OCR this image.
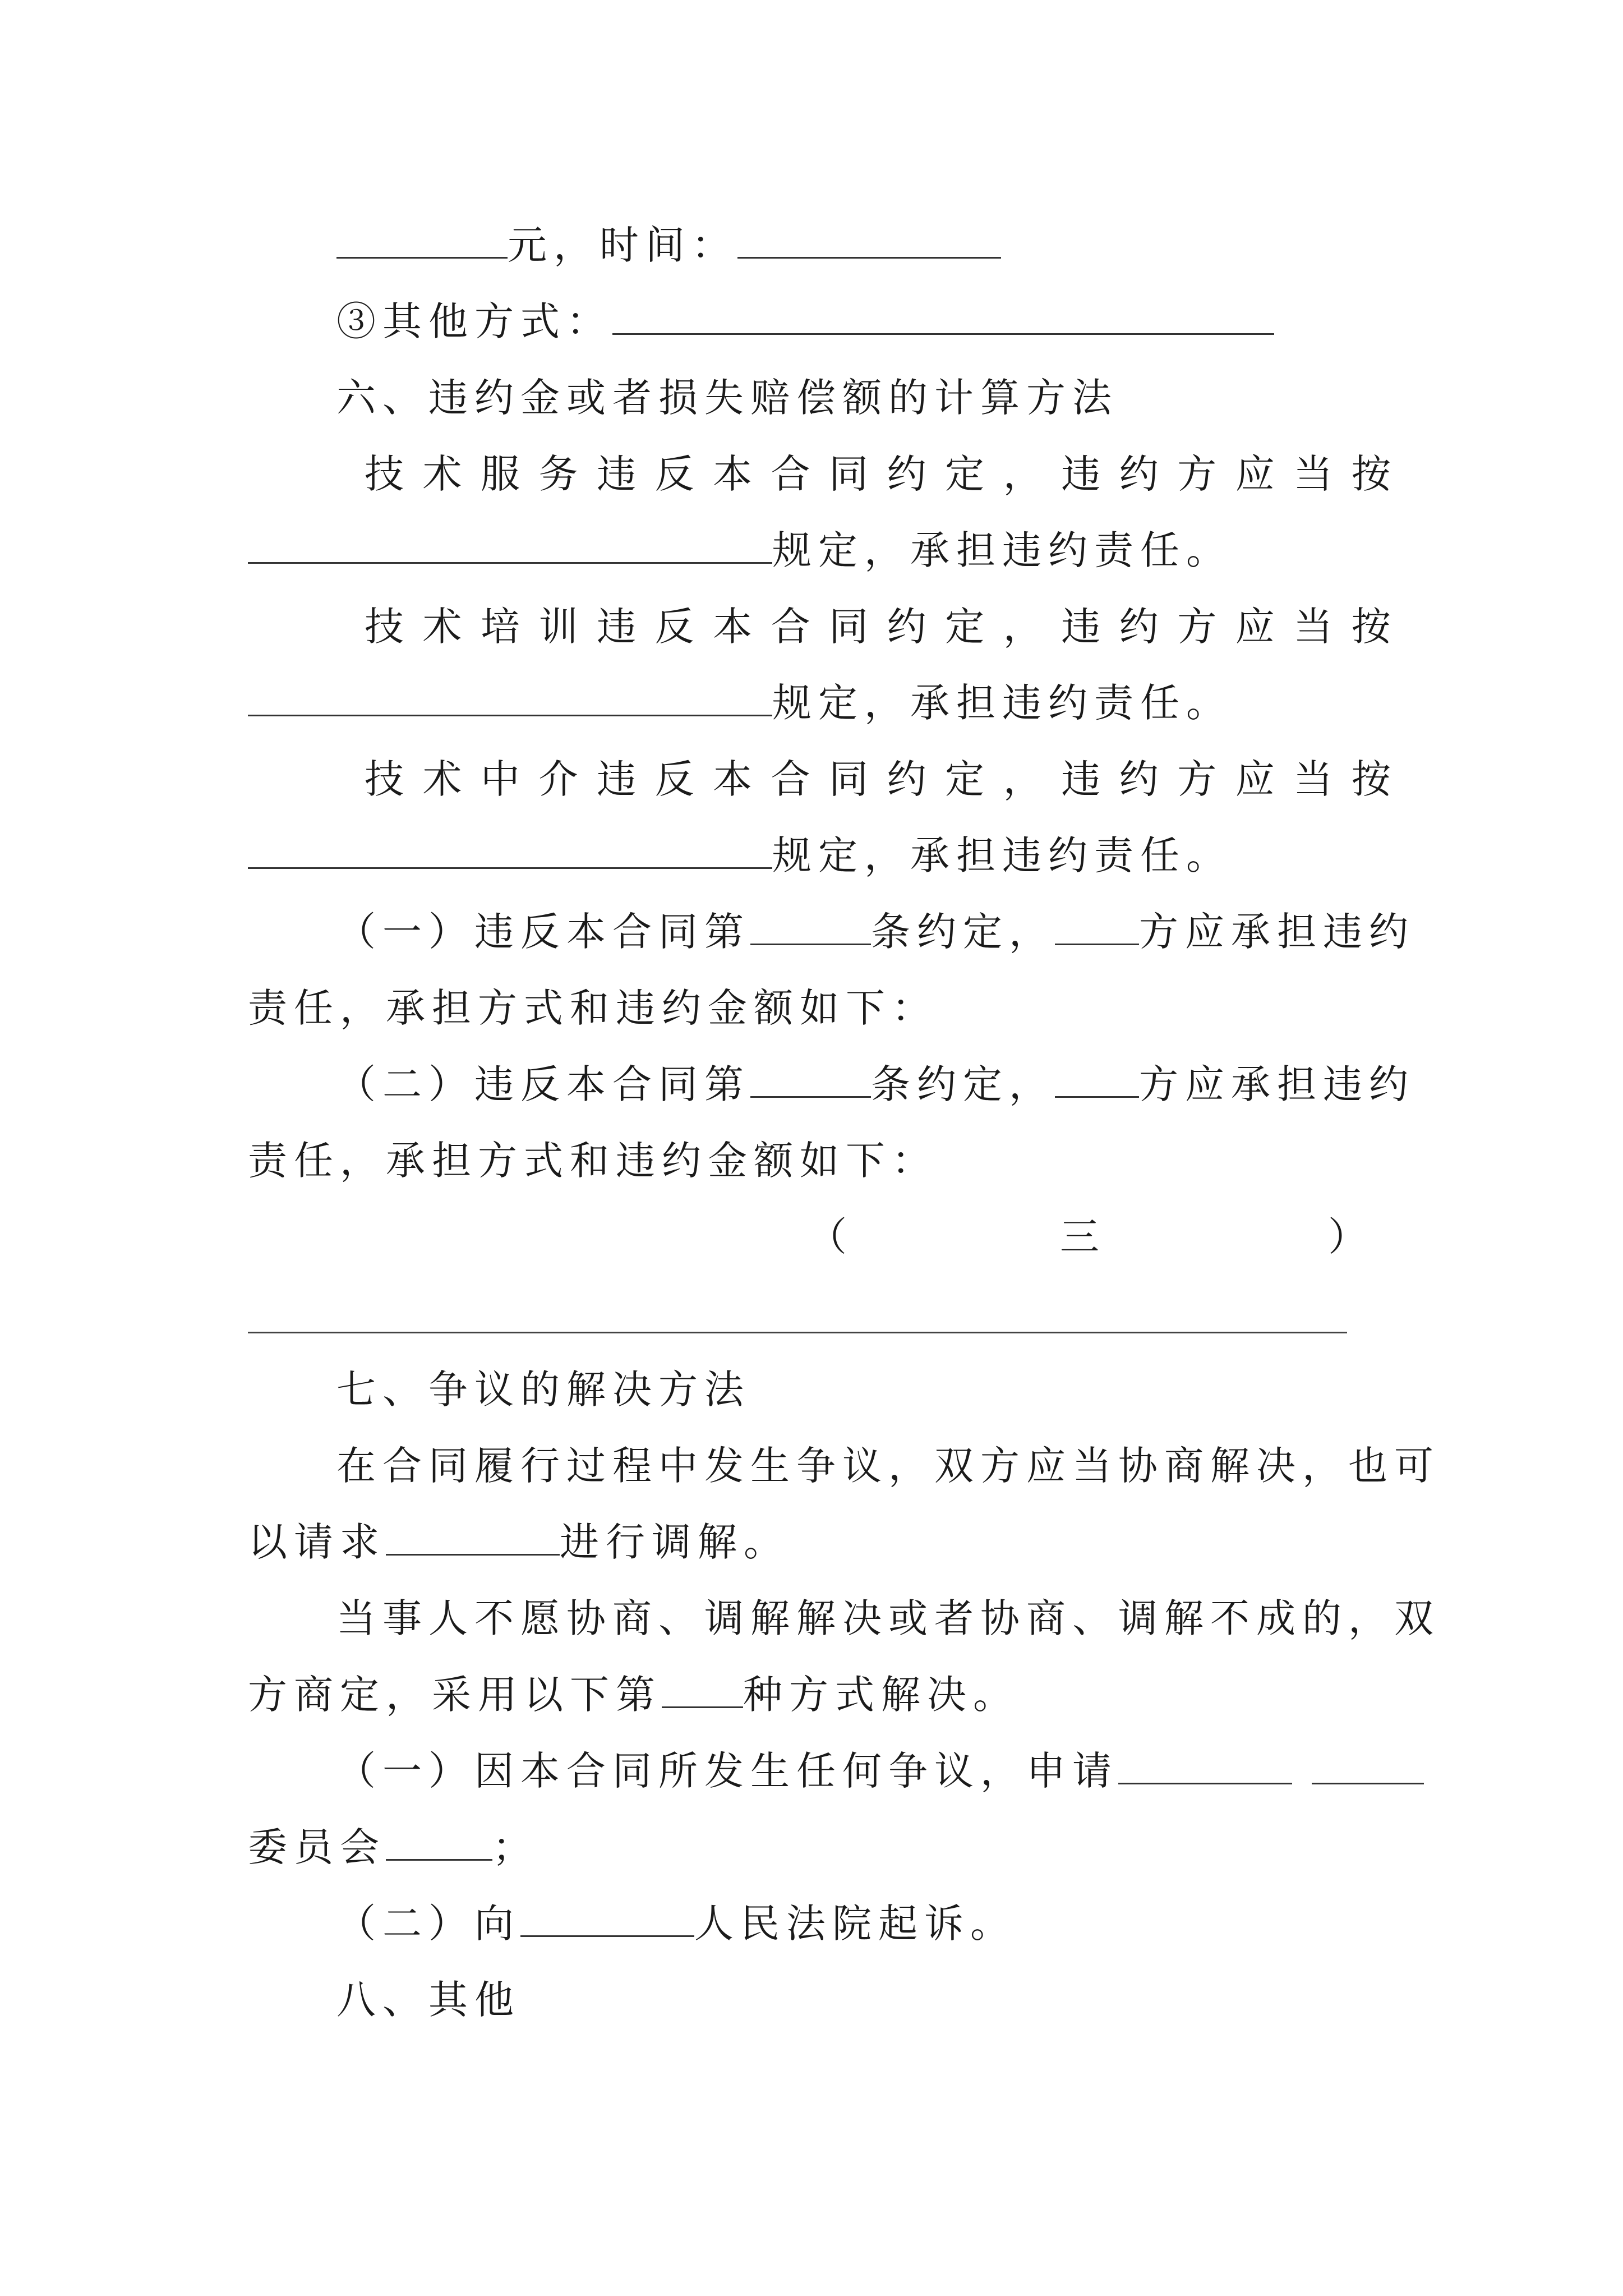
元，时间：
③其他方式：
六、违约金或者损失赔偿额的计算方法
技 术 服 务 违 反 本 合 同 约 定 ， 违 约 方 应 当 按
规定，承担违约责任。
技 术 培 训 违 反 本 合 同 约 定 ， 违 约 方 应 当 按
规定，承担违约责任。
技 术 中 介 违 反 本 合 同 约 定 ， 违 约 方 应 当 按
规定，承担违约责任。
（一）违反本合同第	条约定， 方应承担违约
责任，承担方式和违约金额如下：
（二）违反本合同第	条约定， 方应承担违约
责任，承担方式和违约金额如下：
（	三	）
七、争议的解决方法
在合同履行过程中发生争议，双方应当协商解决，也可
以请求	进行调解。
当事人不愿协商、调解解决或者协商、调解不成的，双
方商定，采用以下第 种方式解决。
（一）因本合同所发生任何争议，申请
委员会	；
（二）向	人民法院起诉。
八、其他
